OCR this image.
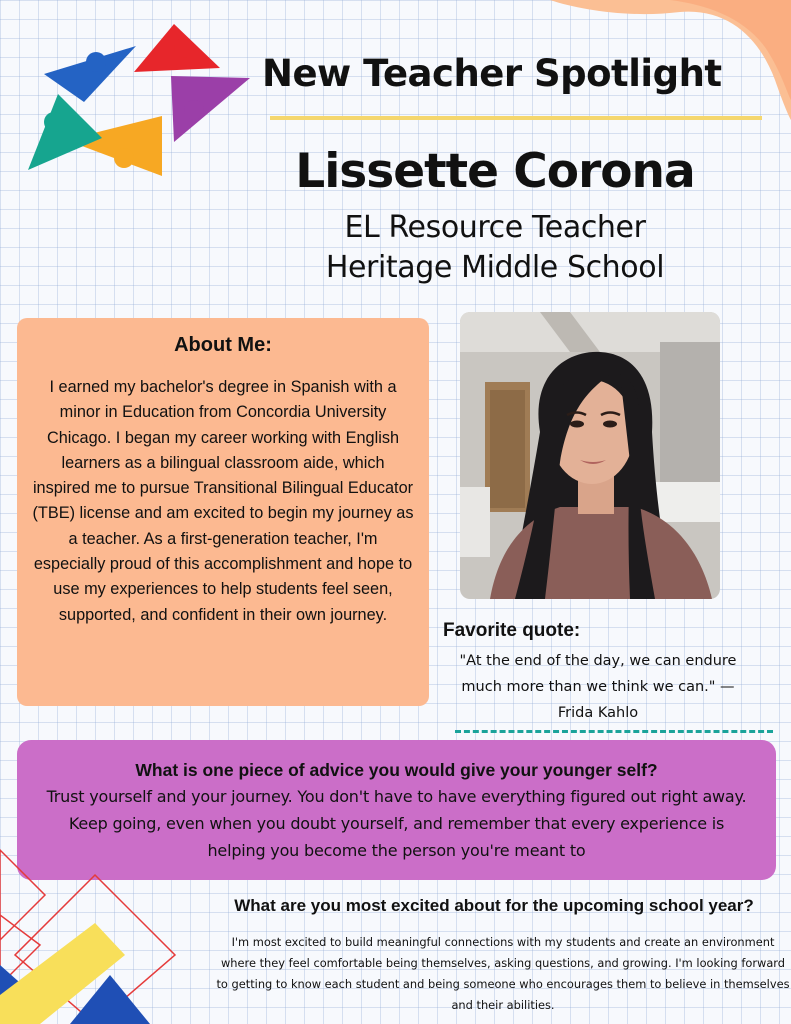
New Teacher Spotlight
Lissette Corona
EL Resource Teacher
Heritage Middle School
About Me:

I earned my bachelor's degree in Spanish with a minor in Education from Concordia University Chicago. I began my career working with English learners as a bilingual classroom aide, which inspired me to pursue Transitional Bilingual Educator (TBE) license and am excited to begin my journey as a teacher. As a first-generation teacher, I'm especially proud of this accomplishment and hope to use my experiences to help students feel seen, supported, and confident in their own journey.

Favorite quote:
"At the end of the day, we can endure much more than we think we can." — Frida Kahlo
What is one piece of advice you would give your younger self?

Trust yourself and your journey. You don't have to have everything figured out right away. Keep going, even when you doubt yourself, and remember that every experience is helping you become the person you're meant to

What are you most excited about for the upcoming school year?
I'm most excited to build meaningful connections with my students and create an environment where they feel comfortable being themselves, asking questions, and growing. I'm looking forward to getting to know each student and being someone who encourages them to believe in themselves and their abilities.
